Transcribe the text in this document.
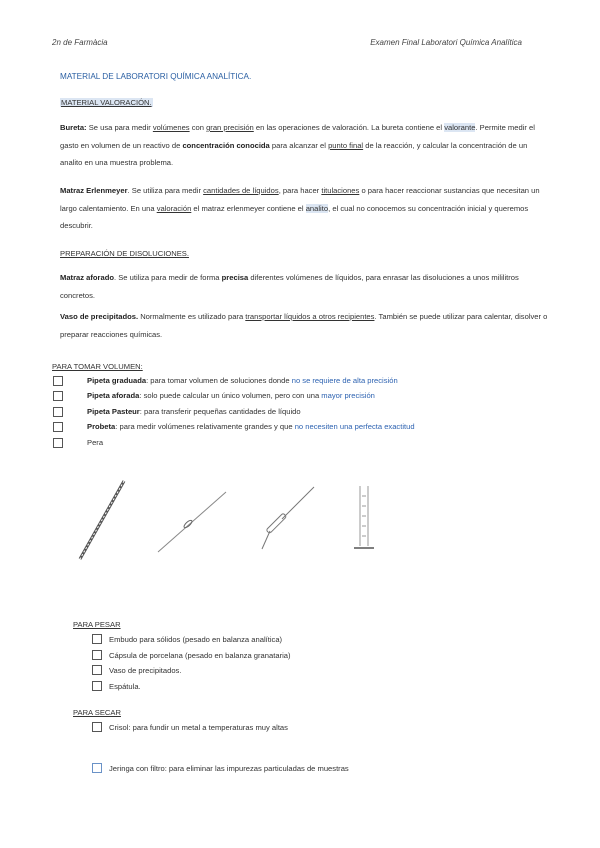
2n de Farmàcia	Examen Final Laboratori Química Analítica
MATERIAL DE LABORATORI QUÍMICA ANALÍTICA.
MATERIAL VALORACIÓN.
Bureta: Se usa para medir volúmenes con gran precisión en las operaciones de valoración. La bureta contiene el valorante. Permite medir el gasto en volumen de un reactivo de concentración conocida para alcanzar el punto final de la reacción, y calcular la concentración de un analito en una muestra problema.
Matraz Erlenmeyer. Se utiliza para medir cantidades de líquidos, para hacer titulaciones o para hacer reaccionar sustancias que necesitan un largo calentamiento. En una valoración el matraz erlenmeyer contiene el analito, el cual no conocemos su concentración inicial y queremos descubrir.
PREPARACIÓN DE DISOLUCIONES.
Matraz aforado. Se utiliza para medir de forma precisa diferentes volúmenes de líquidos, para enrasar las disoluciones a unos mililitros concretos.
Vaso de precipitados. Normalmente es utilizado para transportar líquidos a otros recipientes. También se puede utilizar para calentar, disolver o preparar reacciones químicas.
PARA TOMAR VOLUMEN:
Pipeta graduada: para tomar volumen de soluciones donde no se requiere de alta precisión
Pipeta aforada: solo puede calcular un único volumen, pero con una mayor precisión
Pipeta Pasteur: para transferir pequeñas cantidades de líquido
Probeta: para medir volúmenes relativamente grandes y que no necesiten una perfecta exactitud
Pera
PARA PESAR
Embudo para sólidos (pesado en balanza analítica)
Cápsula de porcelana (pesado en balanza granataria)
Vaso de precipitados.
Espátula.
PARA SECAR
Crisol: para fundir un metal a temperaturas muy altas
Jeringa con filtro: para eliminar las impurezas particuladas de muestras
